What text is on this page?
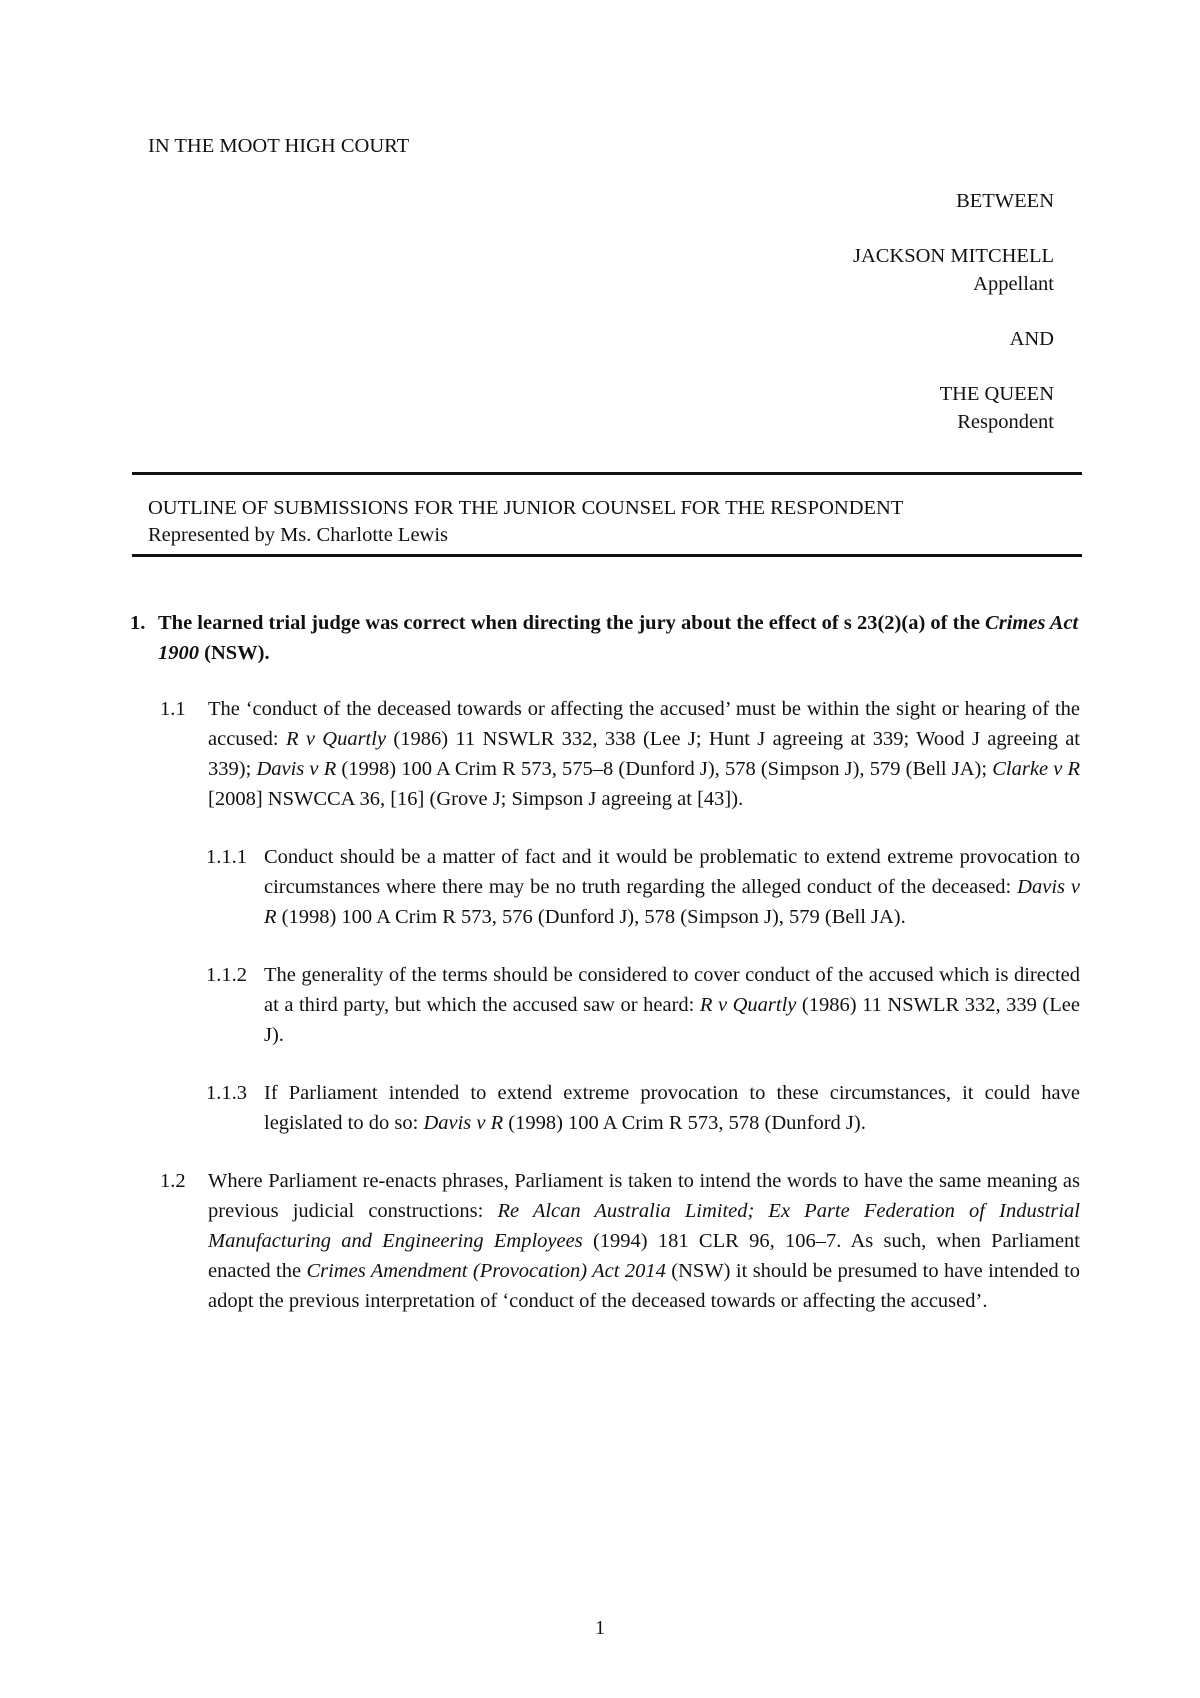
IN THE MOOT HIGH COURT
BETWEEN
JACKSON MITCHELL
Appellant
AND
THE QUEEN
Respondent
OUTLINE OF SUBMISSIONS FOR THE JUNIOR COUNSEL FOR THE RESPONDENT
Represented by Ms. Charlotte Lewis
1. The learned trial judge was correct when directing the jury about the effect of s 23(2)(a) of the Crimes Act 1900 (NSW).
1.1	The ‘conduct of the deceased towards or affecting the accused’ must be within the sight or hearing of the accused: R v Quartly (1986) 11 NSWLR 332, 338 (Lee J; Hunt J agreeing at 339; Wood J agreeing at 339); Davis v R (1998) 100 A Crim R 573, 575–8 (Dunford J), 578 (Simpson J), 579 (Bell JA); Clarke v R [2008] NSWCCA 36, [16] (Grove J; Simpson J agreeing at [43]).
1.1.1 Conduct should be a matter of fact and it would be problematic to extend extreme provocation to circumstances where there may be no truth regarding the alleged conduct of the deceased: Davis v R (1998) 100 A Crim R 573, 576 (Dunford J), 578 (Simpson J), 579 (Bell JA).
1.1.2 The generality of the terms should be considered to cover conduct of the accused which is directed at a third party, but which the accused saw or heard: R v Quartly (1986) 11 NSWLR 332, 339 (Lee J).
1.1.3 If Parliament intended to extend extreme provocation to these circumstances, it could have legislated to do so: Davis v R (1998) 100 A Crim R 573, 578 (Dunford J).
1.2	Where Parliament re-enacts phrases, Parliament is taken to intend the words to have the same meaning as previous judicial constructions: Re Alcan Australia Limited; Ex Parte Federation of Industrial Manufacturing and Engineering Employees (1994) 181 CLR 96, 106–7. As such, when Parliament enacted the Crimes Amendment (Provocation) Act 2014 (NSW) it should be presumed to have intended to adopt the previous interpretation of ‘conduct of the deceased towards or affecting the accused’.
1
